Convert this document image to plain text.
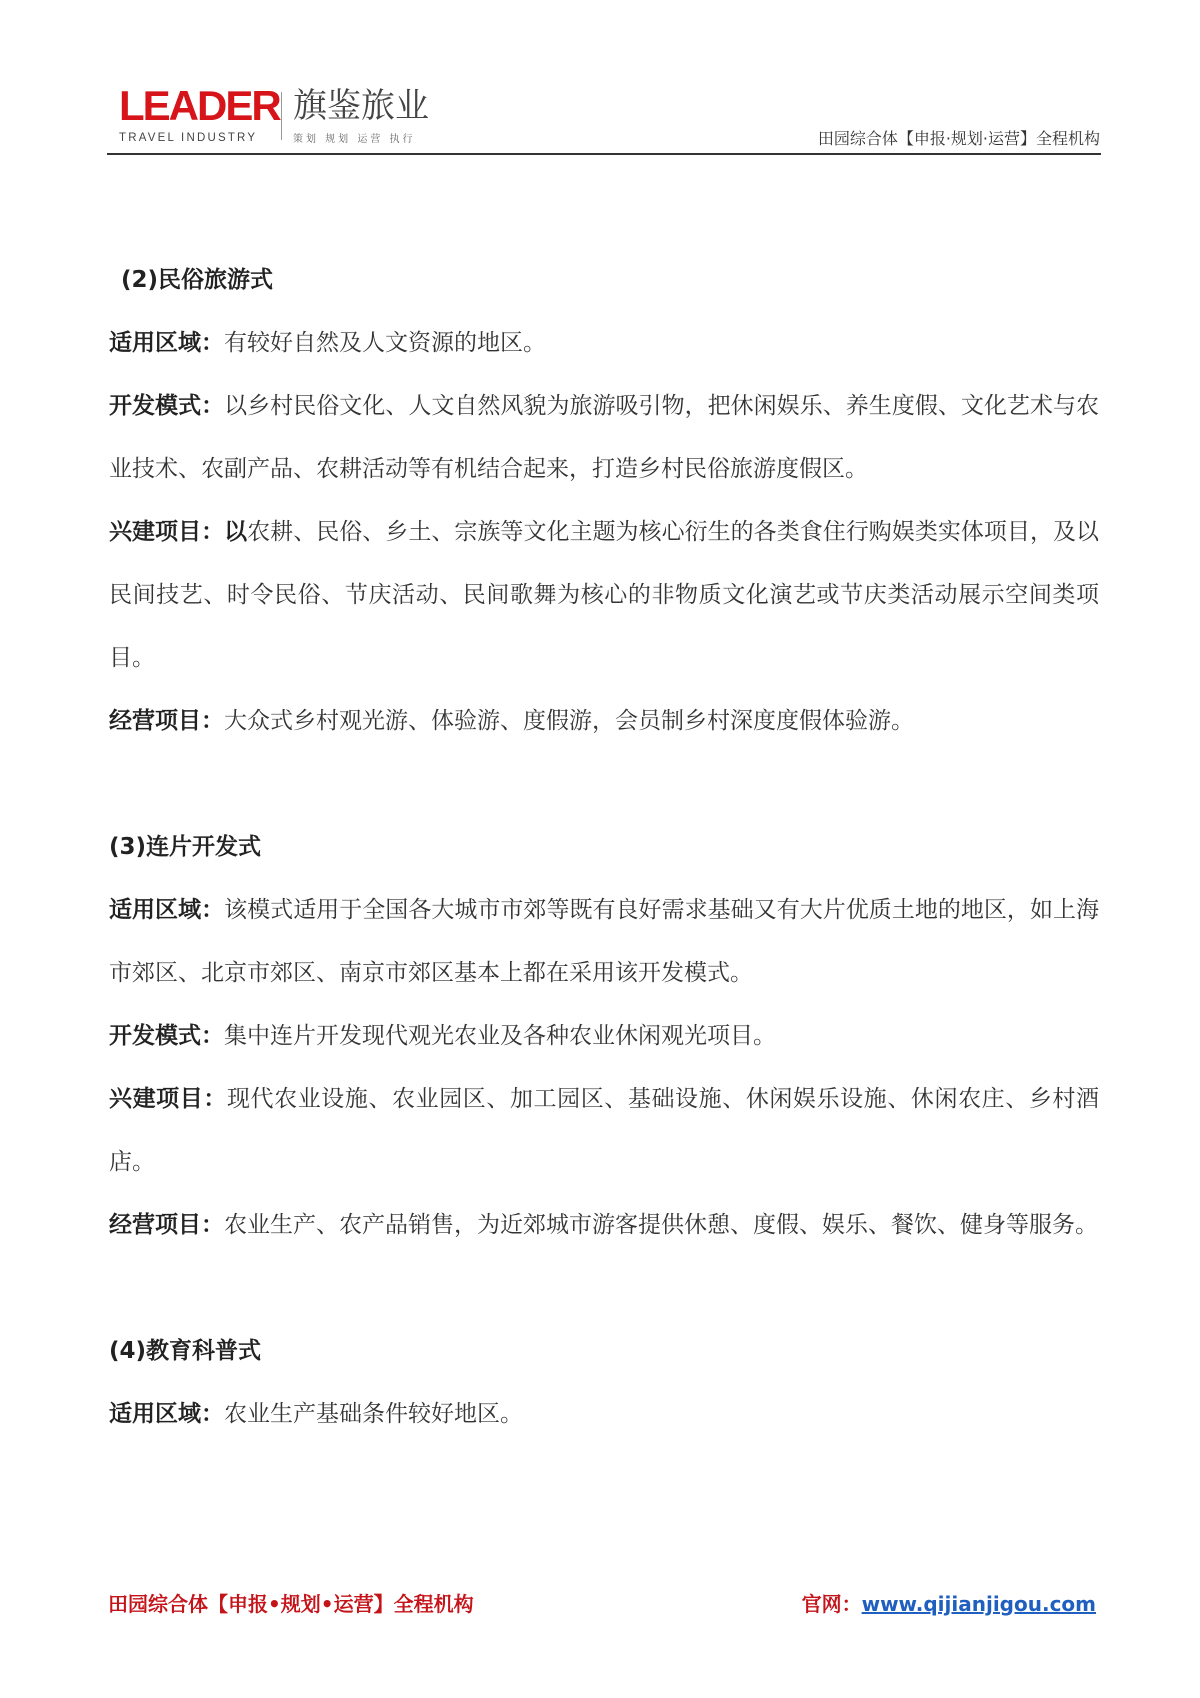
LEADER
TRAVEL INDUSTRY
旗鉴旅业
策划 规划 运营 执行	田园综合体【申报·规划·运营】全程机构

(2)民俗旅游式

适用区域：有较好自然及人文资源的地区。

开发模式：以乡村民俗文化、人文自然风貌为旅游吸引物，把休闲娱乐、养生度假、文化艺术与农业技术、农副产品、农耕活动等有机结合起来，打造乡村民俗旅游度假区。

兴建项目：以农耕、民俗、乡土、宗族等文化主题为核心衍生的各类食住行购娱类实体项目，及以民间技艺、时令民俗、节庆活动、民间歌舞为核心的非物质文化演艺或节庆类活动展示空间类项目。

经营项目：大众式乡村观光游、体验游、度假游，会员制乡村深度度假体验游。

(3)连片开发式

适用区域：该模式适用于全国各大城市市郊等既有良好需求基础又有大片优质土地的地区，如上海市郊区、北京市郊区、南京市郊区基本上都在采用该开发模式。

开发模式：集中连片开发现代观光农业及各种农业休闲观光项目。

兴建项目：现代农业设施、农业园区、加工园区、基础设施、休闲娱乐设施、休闲农庄、乡村酒店。

经营项目：农业生产、农产品销售，为近郊城市游客提供休憩、度假、娱乐、餐饮、健身等服务。

(4)教育科普式

适用区域：农业生产基础条件较好地区。

田园综合体【申报•规划•运营】全程机构	官网：www.qijianjigou.com
